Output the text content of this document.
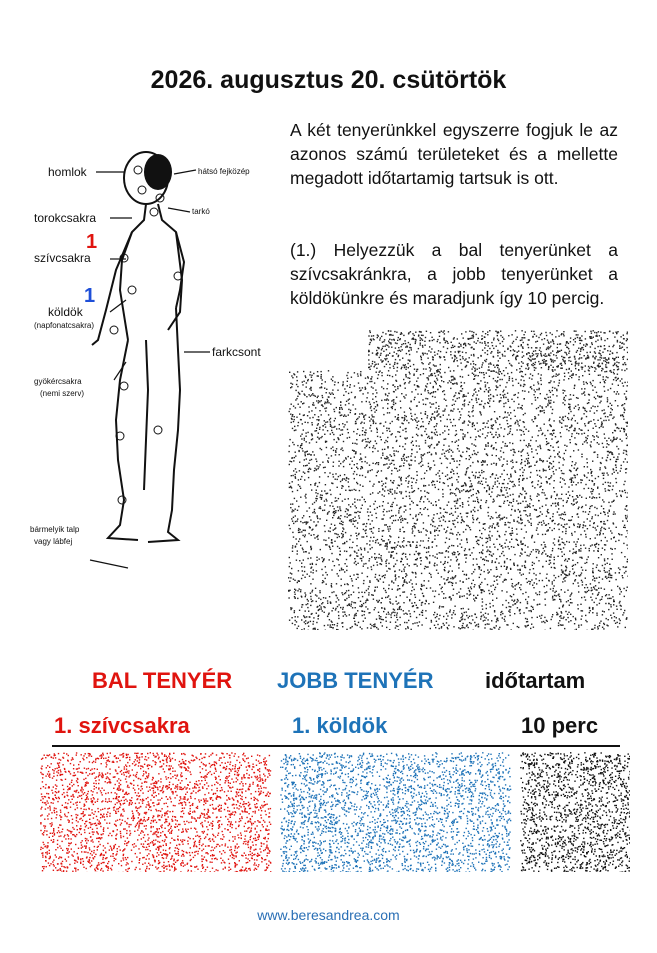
2026. augusztus 20. csütörtök
homlok	hátsó fejközép
tarkó
torokcsakra
1
szívcsakra
1
köldök
(napfonatcsakra)
farkcsont
gyökércsakra
(nemi szerv)
bármelyik talp
vagy lábfej
A két tenyerünkkel egyszerre fogjuk le az azonos számú területeket és a mellette megadott időtartamig tartsuk is ott.
(1.) Helyezzük a bal tenyerünket a szívcsakránkra, a jobb tenyerünket a köldökünkre és maradjunk így 10 percig.
BAL TENYÉR JOBB TENYÉR időtartam
1. szívcsakra	1. köldök	10 perc
www.beresandrea.com
